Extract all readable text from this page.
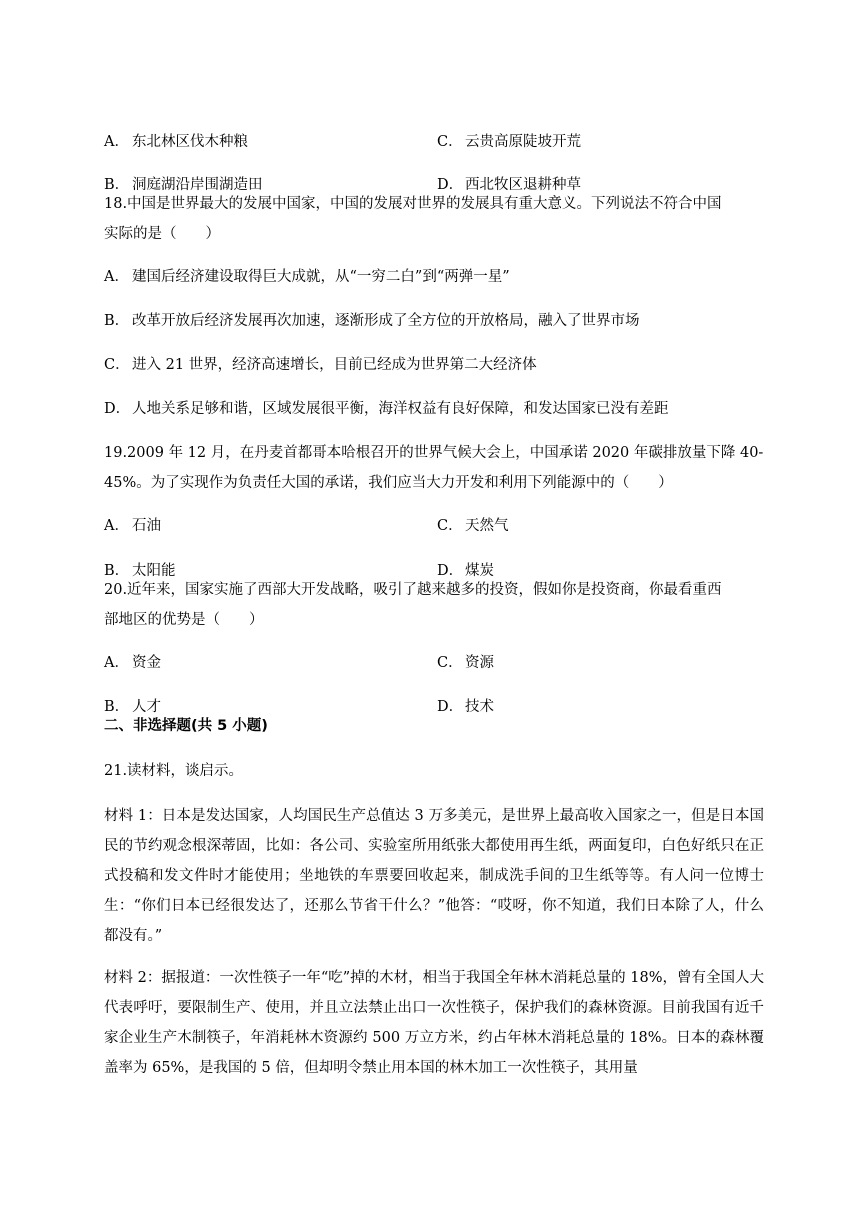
A． 东北林区伐木种粮	C． 云贵高原陡坡开荒
B． 洞庭湖沿岸围湖造田	D． 西北牧区退耕种草
18.中国是世界最大的发展中国家，中国的发展对世界的发展具有重大意义。下列说法不符合中国
实际的是（　　）
A． 建国后经济建设取得巨大成就，从“一穷二白”到“两弹一星”
B． 改革开放后经济发展再次加速，逐渐形成了全方位的开放格局，融入了世界市场
C． 进入 21 世界，经济高速增长，目前已经成为世界第二大经济体
D． 人地关系足够和谐，区域发展很平衡，海洋权益有良好保障，和发达国家已没有差距
19.2009 年 12 月，在丹麦首都哥本哈根召开的世界气候大会上，中国承诺 2020 年碳排放量下降 40-
45%。为了实现作为负责任大国的承诺，我们应当大力开发和利用下列能源中的（　　）
A． 石油	C． 天然气
B． 太阳能	D． 煤炭
20.近年来，国家实施了西部大开发战略，吸引了越来越多的投资，假如你是投资商，你最看重西
部地区的优势是（　　）
A． 资金	C． 资源
B． 人才	D． 技术
二、非选择题(共 5 小题)
21.读材料，谈启示。
材料 1：日本是发达国家，人均国民生产总值达 3 万多美元，是世界上最高收入国家之一，但是日本国民的节约观念根深蒂固，比如：各公司、实验室所用纸张大都使用再生纸，两面复印，白色好纸只在正式投稿和发文件时才能使用；坐地铁的车票要回收起来，制成洗手间的卫生纸等等。有人问一位博士生：“你们日本已经很发达了，还那么节省干什么？”他答：“哎呀，你不知道，我们日本除了人，什么都没有。”
材料 2：据报道：一次性筷子一年“吃”掉的木材，相当于我国全年林木消耗总量的 18%，曾有全国人大代表呼吁，要限制生产、使用，并且立法禁止出口一次性筷子，保护我们的森林资源。目前我国有近千家企业生产木制筷子，年消耗林木资源约 500 万立方米，约占年林木消耗总量的 18%。日本的森林覆盖率为 65%，是我国的 5 倍，但却明令禁止用本国的林木加工一次性筷子，其用量
